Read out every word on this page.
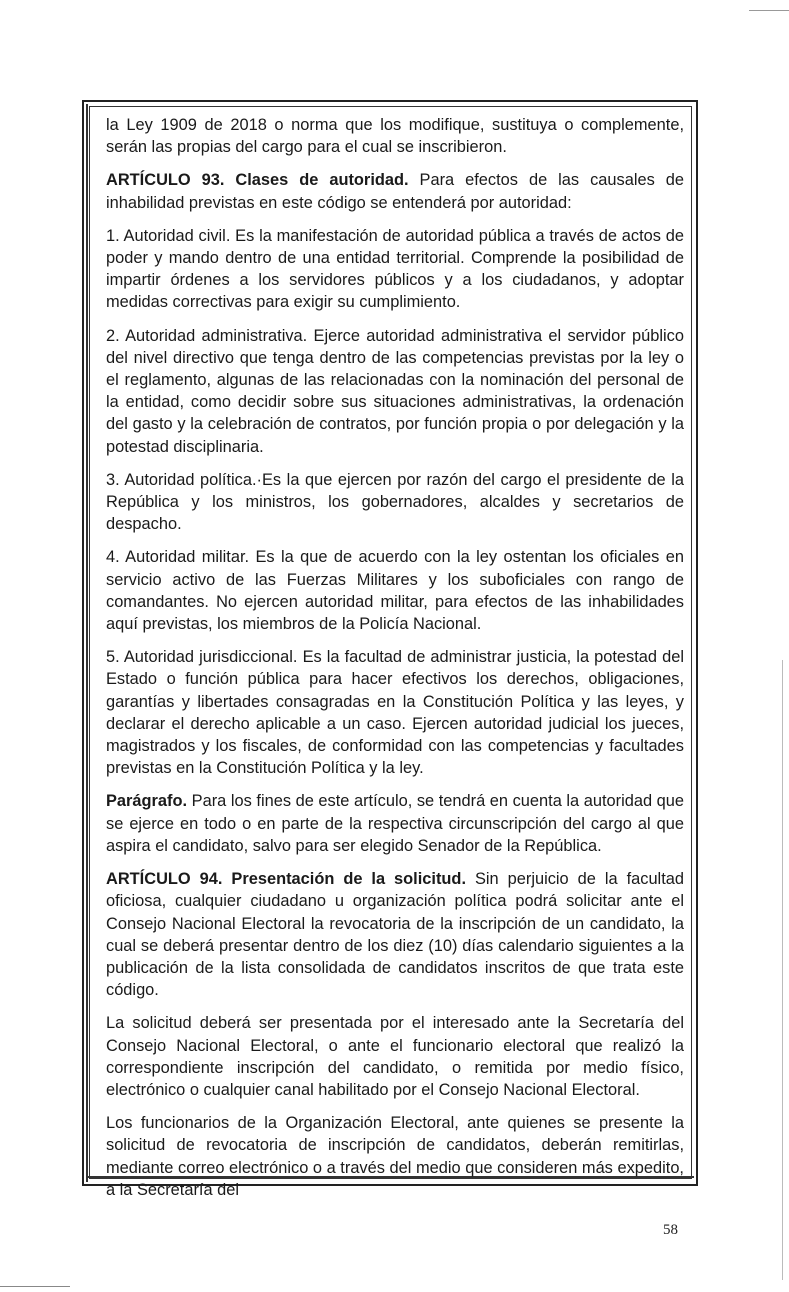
la Ley 1909 de 2018 o norma que los modifique, sustituya o complemente, serán las propias del cargo para el cual se inscribieron.

ARTÍCULO 93. Clases de autoridad. Para efectos de las causales de inhabilidad previstas en este código se entenderá por autoridad:

1. Autoridad civil. Es la manifestación de autoridad pública a través de actos de poder y mando dentro de una entidad territorial. Comprende la posibilidad de impartir órdenes a los servidores públicos y a los ciudadanos, y adoptar medidas correctivas para exigir su cumplimiento.

2. Autoridad administrativa. Ejerce autoridad administrativa el servidor público del nivel directivo que tenga dentro de las competencias previstas por la ley o el reglamento, algunas de las relacionadas con la nominación del personal de la entidad, como decidir sobre sus situaciones administrativas, la ordenación del gasto y la celebración de contratos, por función propia o por delegación y la potestad disciplinaria.

3. Autoridad política.·Es la que ejercen por razón del cargo el presidente de la República y los ministros, los gobernadores, alcaldes y secretarios de despacho.

4. Autoridad militar. Es la que de acuerdo con la ley ostentan los oficiales en servicio activo de las Fuerzas Militares y los suboficiales con rango de comandantes. No ejercen autoridad militar, para efectos de las inhabilidades aquí previstas, los miembros de la Policía Nacional.

5. Autoridad jurisdiccional. Es la facultad de administrar justicia, la potestad del Estado o función pública para hacer efectivos los derechos, obligaciones, garantías y libertades consagradas en la Constitución Política y las leyes, y declarar el derecho aplicable a un caso. Ejercen autoridad judicial los jueces, magistrados y los fiscales, de conformidad con las competencias y facultades previstas en la Constitución Política y la ley.

Parágrafo. Para los fines de este artículo, se tendrá en cuenta la autoridad que se ejerce en todo o en parte de la respectiva circunscripción del cargo al que aspira el candidato, salvo para ser elegido Senador de la República.

ARTÍCULO 94. Presentación de la solicitud. Sin perjuicio de la facultad oficiosa, cualquier ciudadano u organización política podrá solicitar ante el Consejo Nacional Electoral la revocatoria de la inscripción de un candidato, la cual se deberá presentar dentro de los diez (10) días calendario siguientes a la publicación de la lista consolidada de candidatos inscritos de que trata este código.

La solicitud deberá ser presentada por el interesado ante la Secretaría del Consejo Nacional Electoral, o ante el funcionario electoral que realizó la correspondiente inscripción del candidato, o remitida por medio físico, electrónico o cualquier canal habilitado por el Consejo Nacional Electoral.

Los funcionarios de la Organización Electoral, ante quienes se presente la solicitud de revocatoria de inscripción de candidatos, deberán remitirlas, mediante correo electrónico o a través del medio que consideren más expedito, a la Secretaría del

58
